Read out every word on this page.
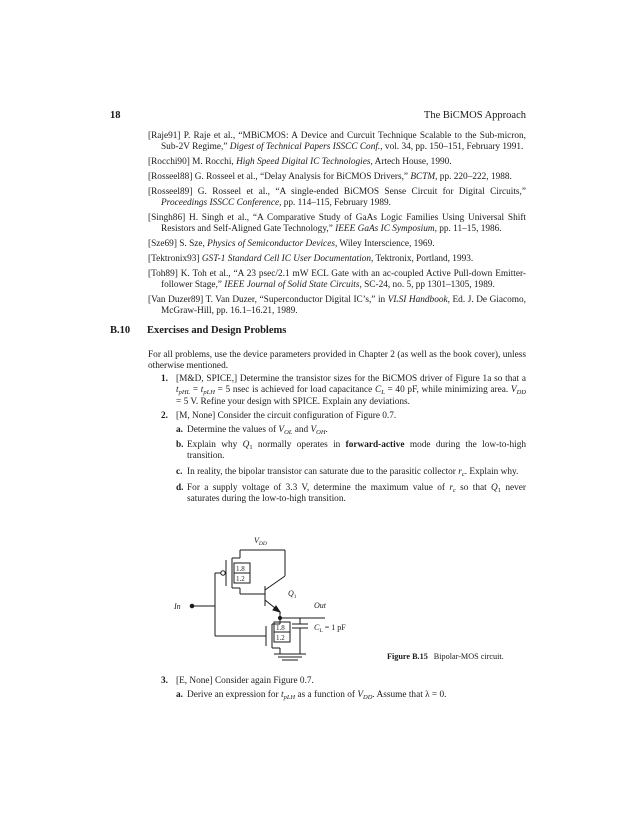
18	The BiCMOS Approach

[Raje91] P. Raje et al., “MBiCMOS: A Device and Curcuit Technique Scalable to the Sub-micron, Sub-2V Regime,” Digest of Technical Papers ISSCC Conf., vol. 34, pp. 150–151, February 1991.

[Rocchi90] M. Rocchi, High Speed Digital IC Technologies, Artech House, 1990.

[Rosseel88] G. Rosseel et al., “Delay Analysis for BiCMOS Drivers,” BCTM, pp. 220–222, 1988.

[Rosseel89] G. Rosseel et al., “A single-ended BiCMOS Sense Circuit for Digital Circuits,” Proceedings ISSCC Conference, pp. 114–115, February 1989.

[Singh86] H. Singh et al., “A Comparative Study of GaAs Logic Families Using Universal Shift Resistors and Self-Aligned Gate Technology,” IEEE GaAs IC Symposium, pp. 11–15, 1986.

[Sze69] S. Sze, Physics of Semiconductor Devices, Wiley Interscience, 1969.

[Tektronix93] GST-1 Standard Cell IC User Documentation, Tektronix, Portland, 1993.

[Toh89] K. Toh et al., “A 23 psec/2.1 mW ECL Gate with an ac-coupled Active Pull-down Emitter-follower Stage,” IEEE Journal of Solid State Circuits, SC-24, no. 5, pp 1301–1305, 1989.

[Van Duzer89] T. Van Duzer, “Superconductor Digital IC’s,” in VLSI Handbook, Ed. J. De Giacomo, McGraw-Hill, pp. 16.1–16.21, 1989.

B.10 Exercises and Design Problems
For all problems, use the device parameters provided in Chapter 2 (as well as the book cover), unless otherwise mentioned.
1. [M&D, SPICE,] Determine the transistor sizes for the BiCMOS driver of Figure 1a so that a $t_{pHL} = t_{pLH} = 5$ nsec is achieved for load capacitance $C_L = 40$ pF, while minimizing area. $V_{DD} = 5$ V. Refine your design with SPICE. Explain any deviations.
2. [M, None] Consider the circuit configuration of Figure 0.7.
a. Determine the values of $V_{OL}$ and $V_{OH}$.
b. Explain why $Q_1$ normally operates in forward-active mode during the low-to-high transition.
c. In reality, the bipolar transistor can saturate due to the parasitic collector $r_c$. Explain why.
d. For a supply voltage of 3.3 V, determine the maximum value of $r_c$ so that $Q_1$ never saturates during the low-to-high transition.
$V_{DD}$
1.8
1.2
$Q_1$
Out
$C_L = 1$ pF
1.8
1.2
In
Figure B.15 Bipolar-MOS circuit.
3. [E, None] Consider again Figure 0.7.
a. Derive an expression for $t_{pLH}$ as a function of $V_{DD}$. Assume that λ = 0.
